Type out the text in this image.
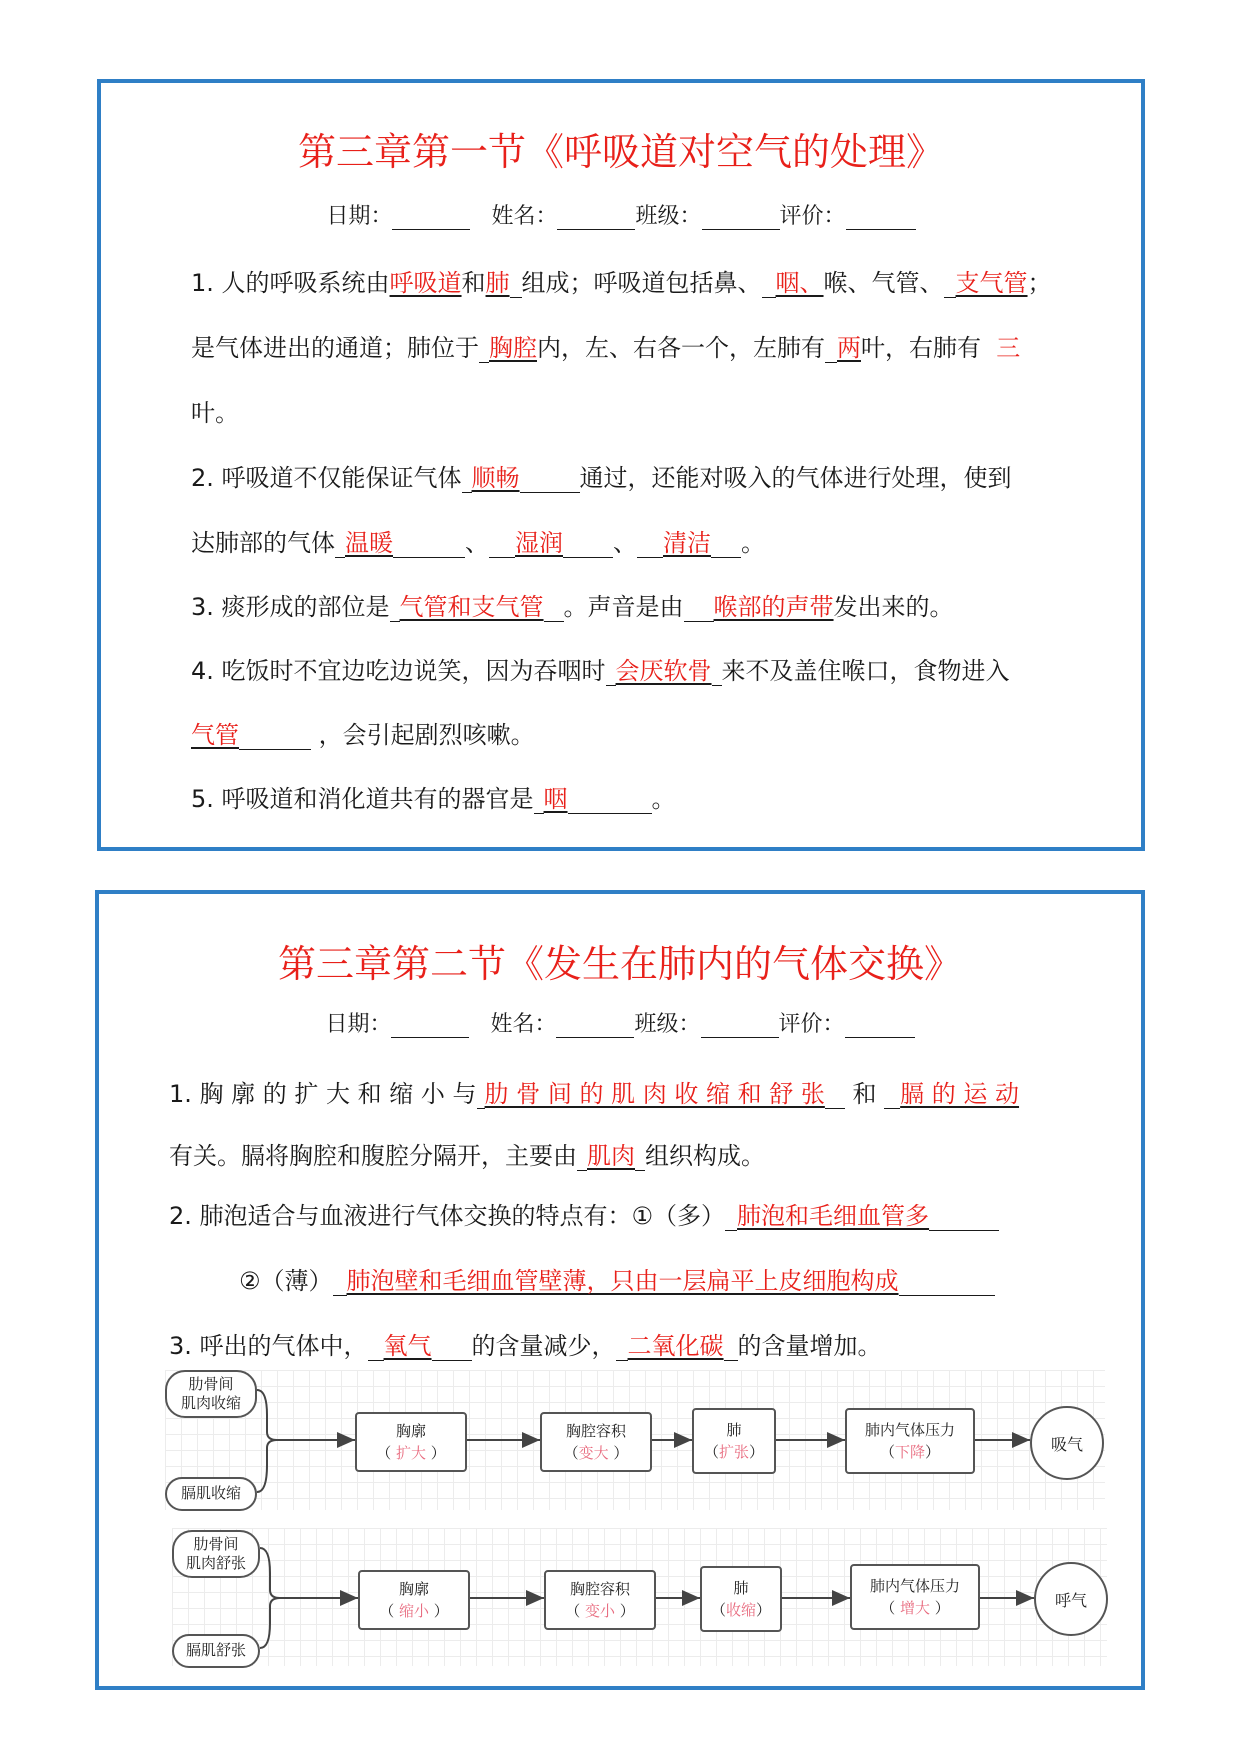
第三章第一节《呼吸道对空气的处理》
日期：	姓名：	班级：	评价：
1. 人的呼吸系统由呼吸道和肺 组成；呼吸道包括鼻、 咽、喉、气管、 支气管；
是气体进出的通道；肺位于 胸腔内，左、右各一个，左肺有 两叶，右肺有 三
叶。
2. 呼吸道不仅能保证气体 顺畅	通过，还能对吸入的气体进行处理，使到
达肺部的气体 温暖	、 湿润 、 清洁 。
3. 痰形成的部位是 气管和支气管 。声音是由 喉部的声带发出来的。
4. 吃饭时不宜边吃边说笑，因为吞咽时 会厌软骨 来不及盖住喉口，食物进入
气管	，会引起剧烈咳嗽。
5. 呼吸道和消化道共有的器官是 咽	。
第三章第二节《发生在肺内的气体交换》
日期：	姓名：	班级：	评价：
1. 胸 廓 的 扩 大 和 缩 小 与 肋 骨 间 的 肌 肉 收 缩 和 舒 张 和 膈 的 运 动
有关。膈将胸腔和腹腔分隔开，主要由 肌肉 组织构成。
2. 肺泡适合与血液进行气体交换的特点有：①（多） 肺泡和毛细血管多
②（薄） 肺泡壁和毛细血管壁薄，只由一层扁平上皮细胞构成
3. 呼出的气体中， 氧气 的含量减少， 二氧化碳 的含量增加。
肋骨间
肌肉收缩
膈肌收缩
胸廓
（ 扩大 ）
胸腔容积
（变大 ）
肺
（扩张）
肺内气体压力
（下降）	吸气
肋骨间
肌肉舒张
膈肌舒张
胸廓
（ 缩小 ）
胸腔容积
（ 变小 ）
肺
（收缩）
肺内气体压力
（ 增大 ）	呼气
